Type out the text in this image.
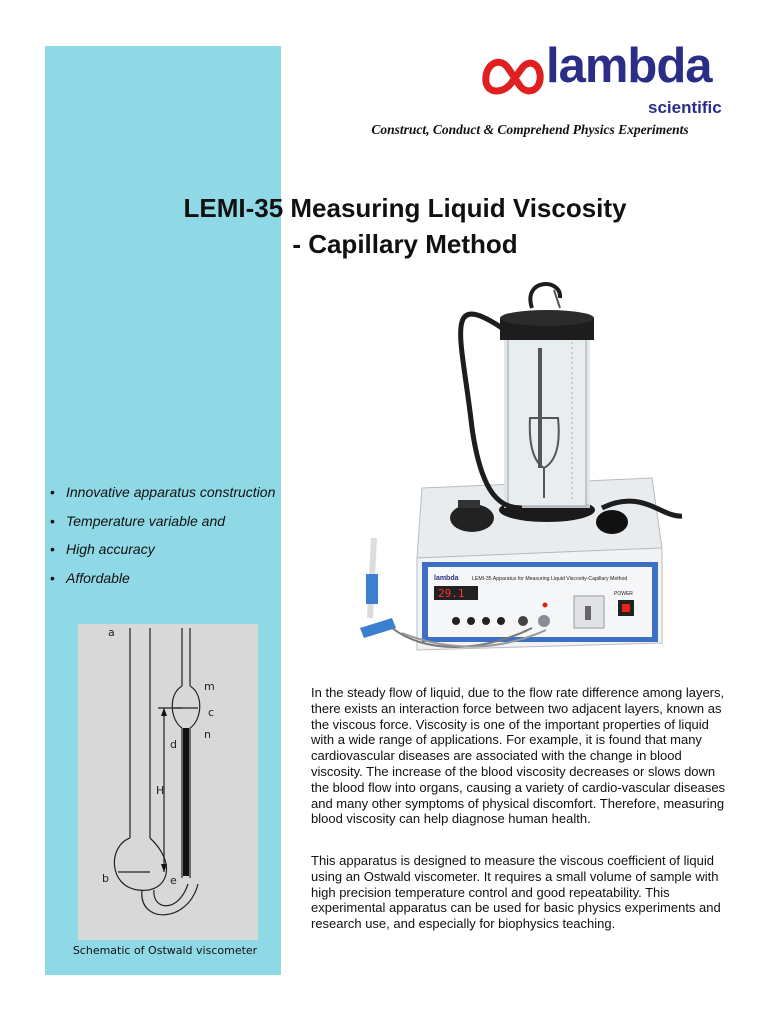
lambda
scientific
Construct, Conduct & Comprehend Physics Experiments
LEMI-35 Measuring Liquid Viscosity
- Capillary Method
lambda	LEMI-35 Apparatus for Measuring Liquid Viscosity-Capillary Method
29.1	POWER
• Innovative apparatus construction
• Temperature variable and
• High accuracy
• Affordable
a
b
m
c
n
d
H
e
Schematic of Ostwald viscometer

In the steady flow of liquid, due to the flow rate difference among layers, there exists an interaction force between two adjacent layers, known as the viscous force. Viscosity is one of the important properties of liquid with a wide range of applications. For example, it is found that many cardiovascular diseases are associated with the change in blood viscosity. The increase of the blood viscosity decreases or slows down the blood flow into organs, causing a variety of cardio-vascular diseases and many other symptoms of physical discomfort. Therefore, measuring blood viscosity can help diagnose human health.

This apparatus is designed to measure the viscous coefficient of liquid using an Ostwald viscometer. It requires a small volume of sample with high precision temperature control and good repeatability. This experimental apparatus can be used for basic physics experiments and research use, and especially for biophysics teaching.
